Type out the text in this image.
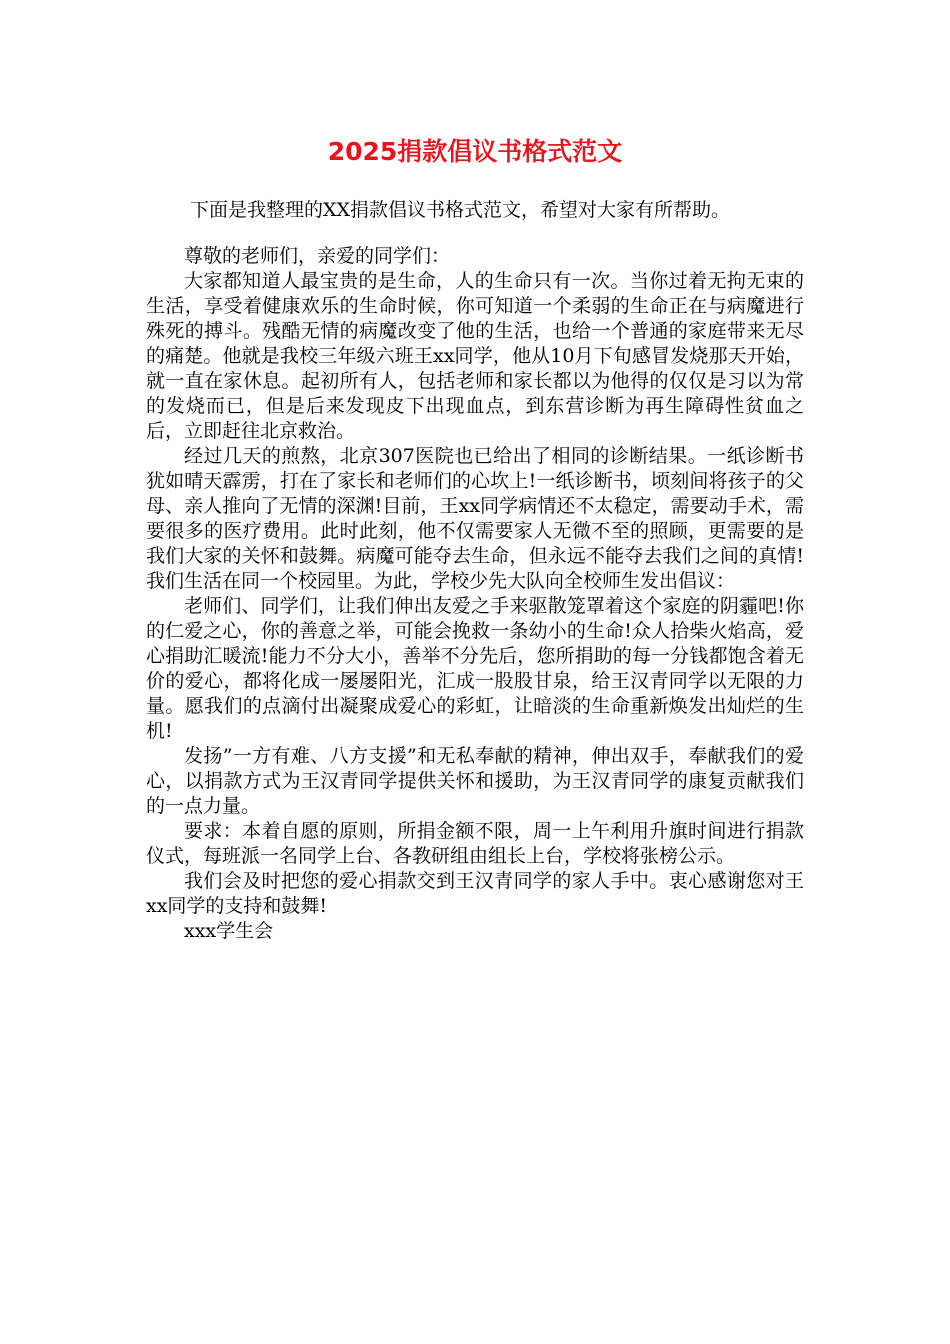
2025捐款倡议书格式范文

下面是我整理的XX捐款倡议书格式范文，希望对大家有所帮助。

尊敬的老师们，亲爱的同学们：

大家都知道人最宝贵的是生命，人的生命只有一次。当你过着无拘无束的生活，享受着健康欢乐的生命时候，你可知道一个柔弱的生命正在与病魔进行殊死的搏斗。残酷无情的病魔改变了他的生活，也给一个普通的家庭带来无尽的痛楚。他就是我校三年级六班王xx同学，他从10月下旬感冒发烧那天开始，就一直在家休息。起初所有人，包括老师和家长都以为他得的仅仅是习以为常的发烧而已，但是后来发现皮下出现血点，到东营诊断为再生障碍性贫血之后，立即赶往北京救治。

经过几天的煎熬，北京307医院也已给出了相同的诊断结果。一纸诊断书犹如晴天霹雳，打在了家长和老师们的心坎上!一纸诊断书，顷刻间将孩子的父母、亲人推向了无情的深渊!目前，王xx同学病情还不太稳定，需要动手术，需要很多的医疗费用。此时此刻，他不仅需要家人无微不至的照顾，更需要的是我们大家的关怀和鼓舞。病魔可能夺去生命，但永远不能夺去我们之间的真情!我们生活在同一个校园里。为此，学校少先大队向全校师生发出倡议：

老师们、同学们，让我们伸出友爱之手来驱散笼罩着这个家庭的阴霾吧!你的仁爱之心，你的善意之举，可能会挽救一条幼小的生命!众人拾柴火焰高，爱心捐助汇暖流!能力不分大小，善举不分先后，您所捐助的每一分钱都饱含着无价的爱心，都将化成一屡屡阳光，汇成一股股甘泉，给王汉青同学以无限的力量。愿我们的点滴付出凝聚成爱心的彩虹，让暗淡的生命重新焕发出灿烂的生机!

发扬”一方有难、八方支援”和无私奉献的精神，伸出双手，奉献我们的爱心，以捐款方式为王汉青同学提供关怀和援助，为王汉青同学的康复贡献我们的一点力量。

要求：本着自愿的原则，所捐金额不限，周一上午利用升旗时间进行捐款仪式，每班派一名同学上台、各教研组由组长上台，学校将张榜公示。

我们会及时把您的爱心捐款交到王汉青同学的家人手中。衷心感谢您对王xx同学的支持和鼓舞!

xxx学生会
